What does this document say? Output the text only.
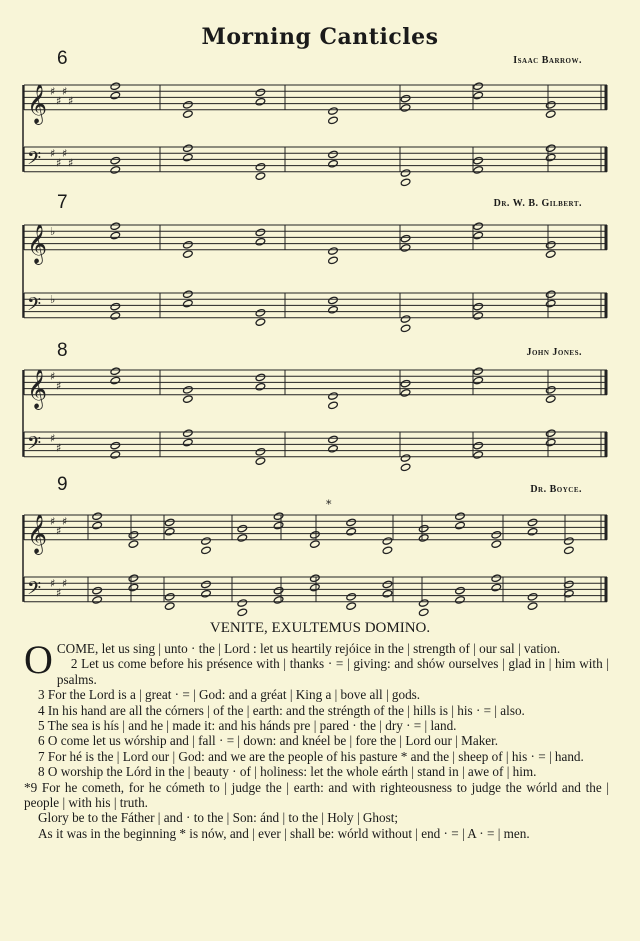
Morning Canticles
6	Isaac Barrow.
𝄞 ♯
♯
♯
♯
𝄢 ♯
♯
♯
♯
7	Dr. W. B. Gilbert.
𝄞 ♭
𝄢 ♭
8	John Jones.
𝄞 ♯
♯
𝄢 ♯
♯
9	Dr. Boyce.
*
𝄞 ♯
♯
♯
𝄢 ♯
♯
♯
VENITE, EXULTEMUS DOMINO.

OCOME, let us sing | unto · the | Lord : let us heartily rejóice in the | strength of | our sal | vation.

2 Let us come before his présence with | thanks · = | giving: and shów ourselves | glad in | him with | psalms.

3 For the Lord is a | great · = | God: and a gréat | King a | bove all | gods.

4 In his hand are all the córners | of the | earth: and the stréngth of the | hills is | his · = | also.

5 The sea is hís | and he | made it: and his hánds pre | pared · the | dry · = | land.

6 O come let us wórship and | fall · = | down: and knéel be | fore the | Lord our | Maker.

7 For hé is the | Lord our | God: and we are the people of his pasture * and the | sheep of | his · = | hand.

8 O worship the Lórd in the | beauty · of | holiness: let the whole eárth | stand in | awe of | him.

*9 For he cometh, for he cómeth to | judge the | earth: and with righteousness to judge the wórld and the | people | with his | truth.

Glory be to the Fáther | and · to the | Son: ánd | to the | Holy | Ghost;

As it was in the beginning * is nów, and | ever | shall be: wórld without | end · = | A · = | men.
